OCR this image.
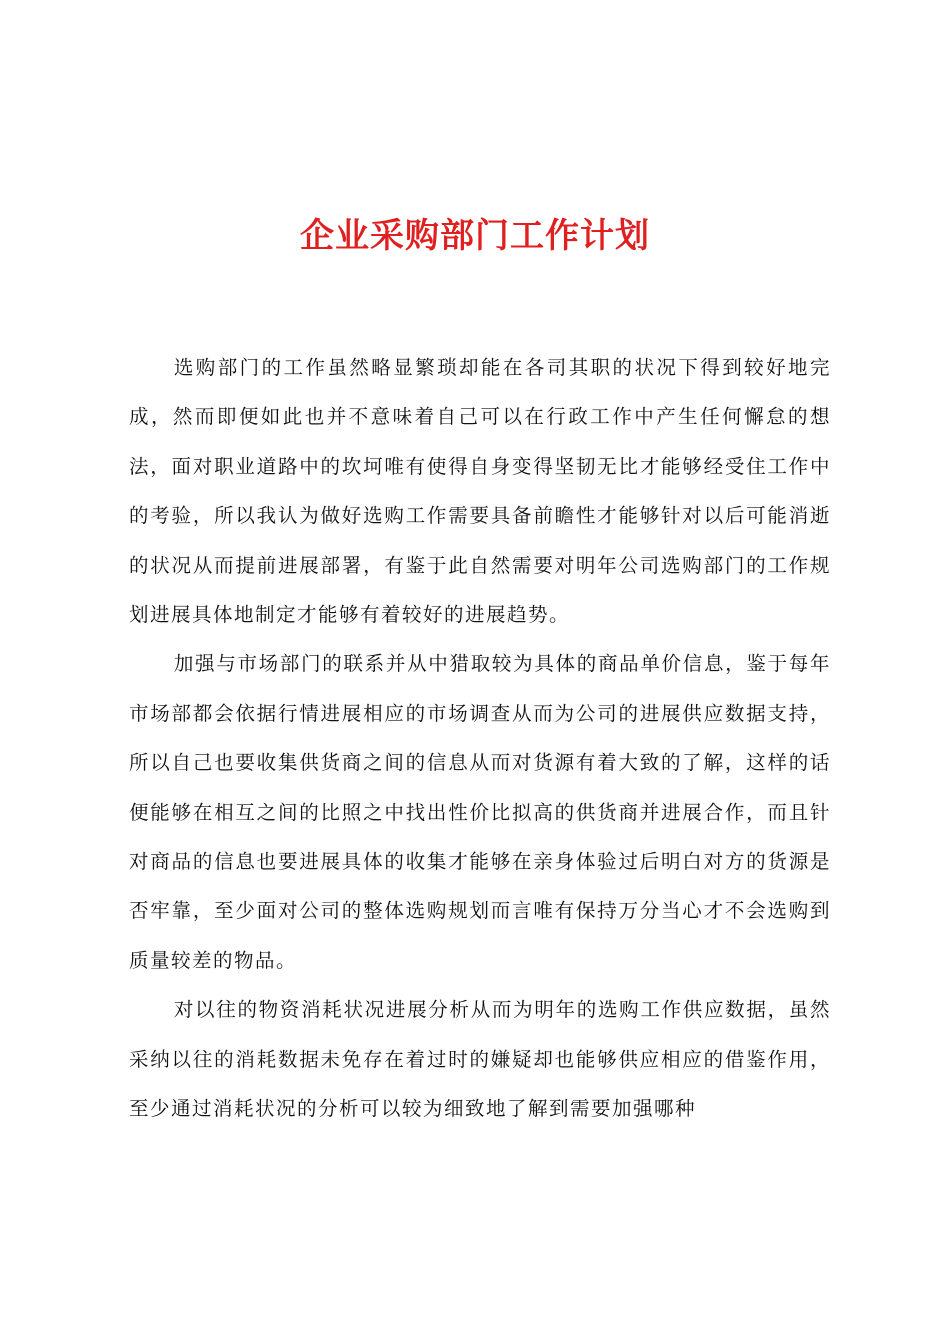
企业采购部门工作计划

选购部门的工作虽然略显繁琐却能在各司其职的状况下得到较好地完成，然而即便如此也并不意味着自己可以在行政工作中产生任何懈怠的想法，面对职业道路中的坎坷唯有使得自身变得坚韧无比才能够经受住工作中的考验，所以我认为做好选购工作需要具备前瞻性才能够针对以后可能消逝的状况从而提前进展部署，有鉴于此自然需要对明年公司选购部门的工作规划进展具体地制定才能够有着较好的进展趋势。

加强与市场部门的联系并从中猎取较为具体的商品单价信息，鉴于每年市场部都会依据行情进展相应的市场调查从而为公司的进展供应数据支持，所以自己也要收集供货商之间的信息从而对货源有着大致的了解，这样的话便能够在相互之间的比照之中找出性价比拟高的供货商并进展合作，而且针对商品的信息也要进展具体的收集才能够在亲身体验过后明白对方的货源是否牢靠，至少面对公司的整体选购规划而言唯有保持万分当心才不会选购到质量较差的物品。

对以往的物资消耗状况进展分析从而为明年的选购工作供应数据，虽然采纳以往的消耗数据未免存在着过时的嫌疑却也能够供应相应的借鉴作用，至少通过消耗状况的分析可以较为细致地了解到需要加强哪种
